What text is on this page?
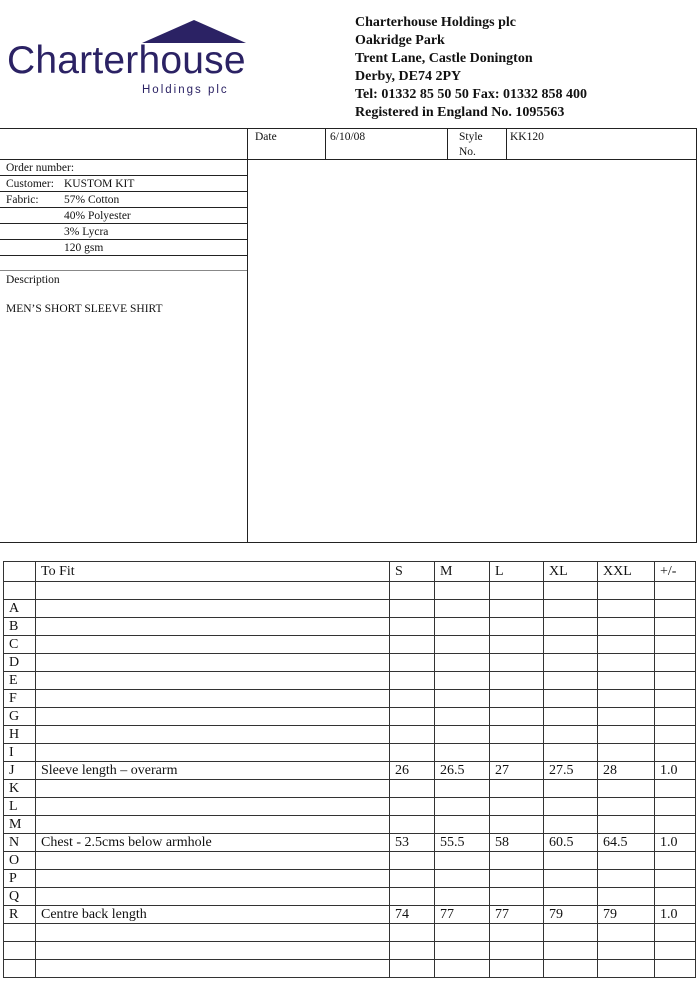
Charterhouse
Holdings plc
Charterhouse Holdings plc
Oakridge Park
Trent Lane, Castle Donington
Derby, DE74 2PY
Tel: 01332 85 50 50 Fax: 01332 858 400
Registered in England No. 1095563
Date	6/10/08	Style
No.
KK120
Order number:
Customer: KUSTOM KIT
Fabric: 57% Cotton
40% Polyester
3% Lycra
120 gsm
Description
MEN’S SHORT SLEEVE SHIRT
	To Fit	S	M	L	XL	XXL	+/-

A							
B							
C							
D							
E							
F							
G							
H							
I							
J	Sleeve length – overarm	26	26.5	27	27.5	28	1.0
K							
L							
M							
N	Chest - 2.5cms below armhole	53	55.5	58	60.5	64.5	1.0
O							
P							
Q							
R	Centre back length	74	77	77	79	79	1.0
